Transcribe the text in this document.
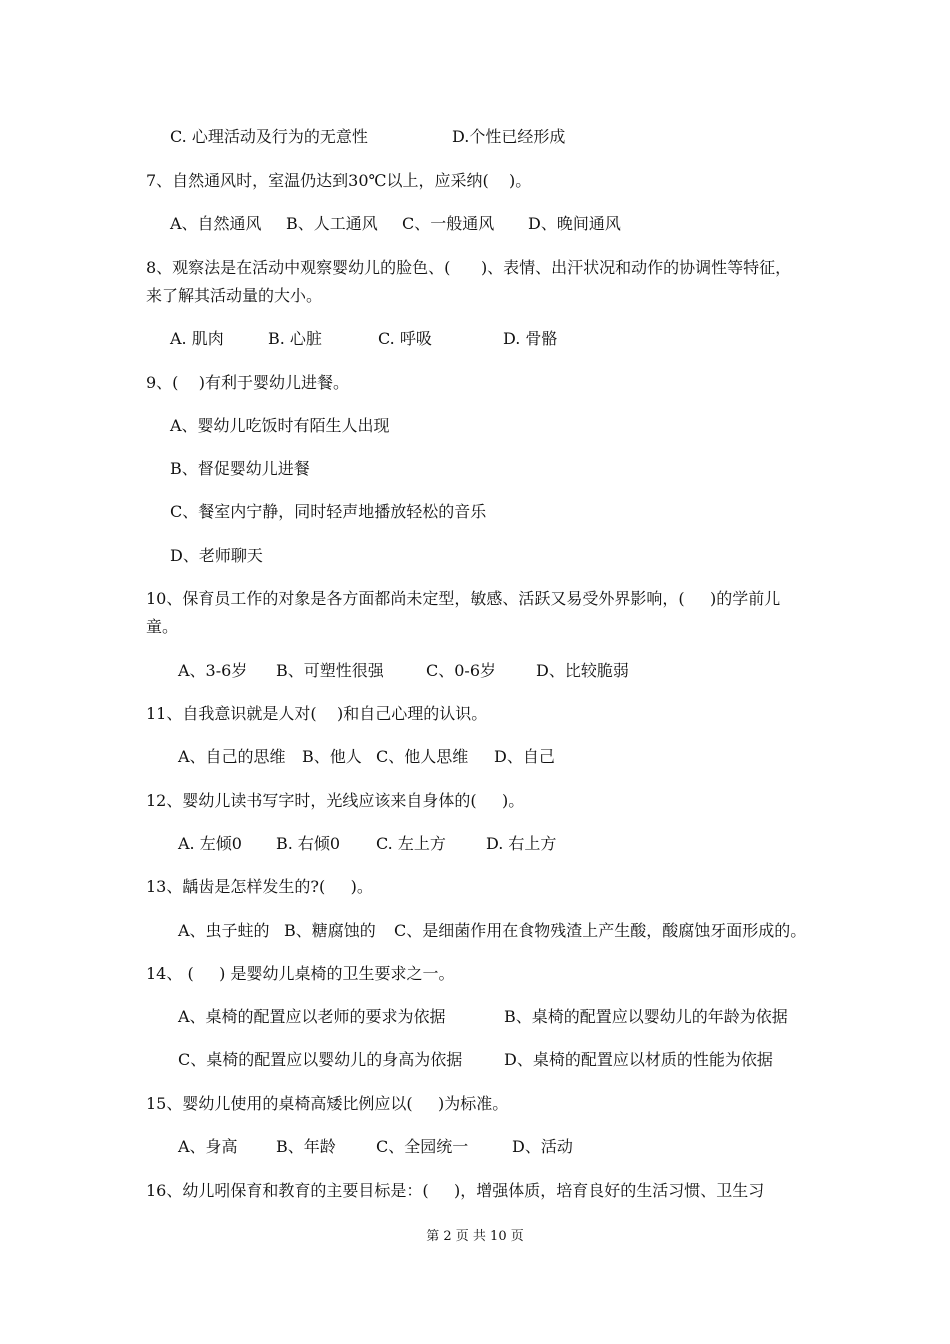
C. 心理活动及行为的无意性

	D.个性已经形成

7、自然通风时，室温仍达到30℃以上，应采纳(    )。

A、自然通风

B、人工通风

C、一般通风

D、晚间通风

8、观察法是在活动中观察婴幼儿的脸色、(      )、表情、出汗状况和动作的协调性等特征，
来了解其活动量的大小。

A. 肌肉

	B. 心脏

	C. 呼吸

	D. 骨骼

9、(    )有利于婴幼儿进餐。
A、婴幼儿吃饭时有陌生人出现
B、督促婴幼儿进餐
C、餐室内宁静，同时轻声地播放轻松的音乐
D、老师聊天
10、保育员工作的对象是各方面都尚未定型，敏感、活跃又易受外界影响，(     )的学前儿
童。

A、3-6岁

B、可塑性很强

	C、0-6岁

D、比较脆弱

11、自我意识就是人对(    )和自己心理的认识。

A、自己的思维

B、他人

C、他人思维

D、自己

12、婴幼儿读书写字时，光线应该来自身体的(     )。

A. 左倾0

B. 右倾0

C. 左上方

	D. 右上方

13、龋齿是怎样发生的?(     )。

A、虫子蛀的

B、糖腐蚀的

C、是细菌作用在食物残渣上产生酸，酸腐蚀牙面形成的。

14、 (     ) 是婴幼儿桌椅的卫生要求之一。

A、桌椅的配置应以老师的要求为依据

	B、桌椅的配置应以婴幼儿的年龄为依据

C、桌椅的配置应以婴幼儿的身高为依据

	D、桌椅的配置应以材质的性能为依据

15、婴幼儿使用的桌椅高矮比例应以(     )为标准。

A、身高

B、年龄

	C、全园统一

	D、活动

16、幼儿吲保育和教育的主要目标是：(     )，增强体质，培育良好的生活习惯、卫生习
第 2 页 共 10 页
